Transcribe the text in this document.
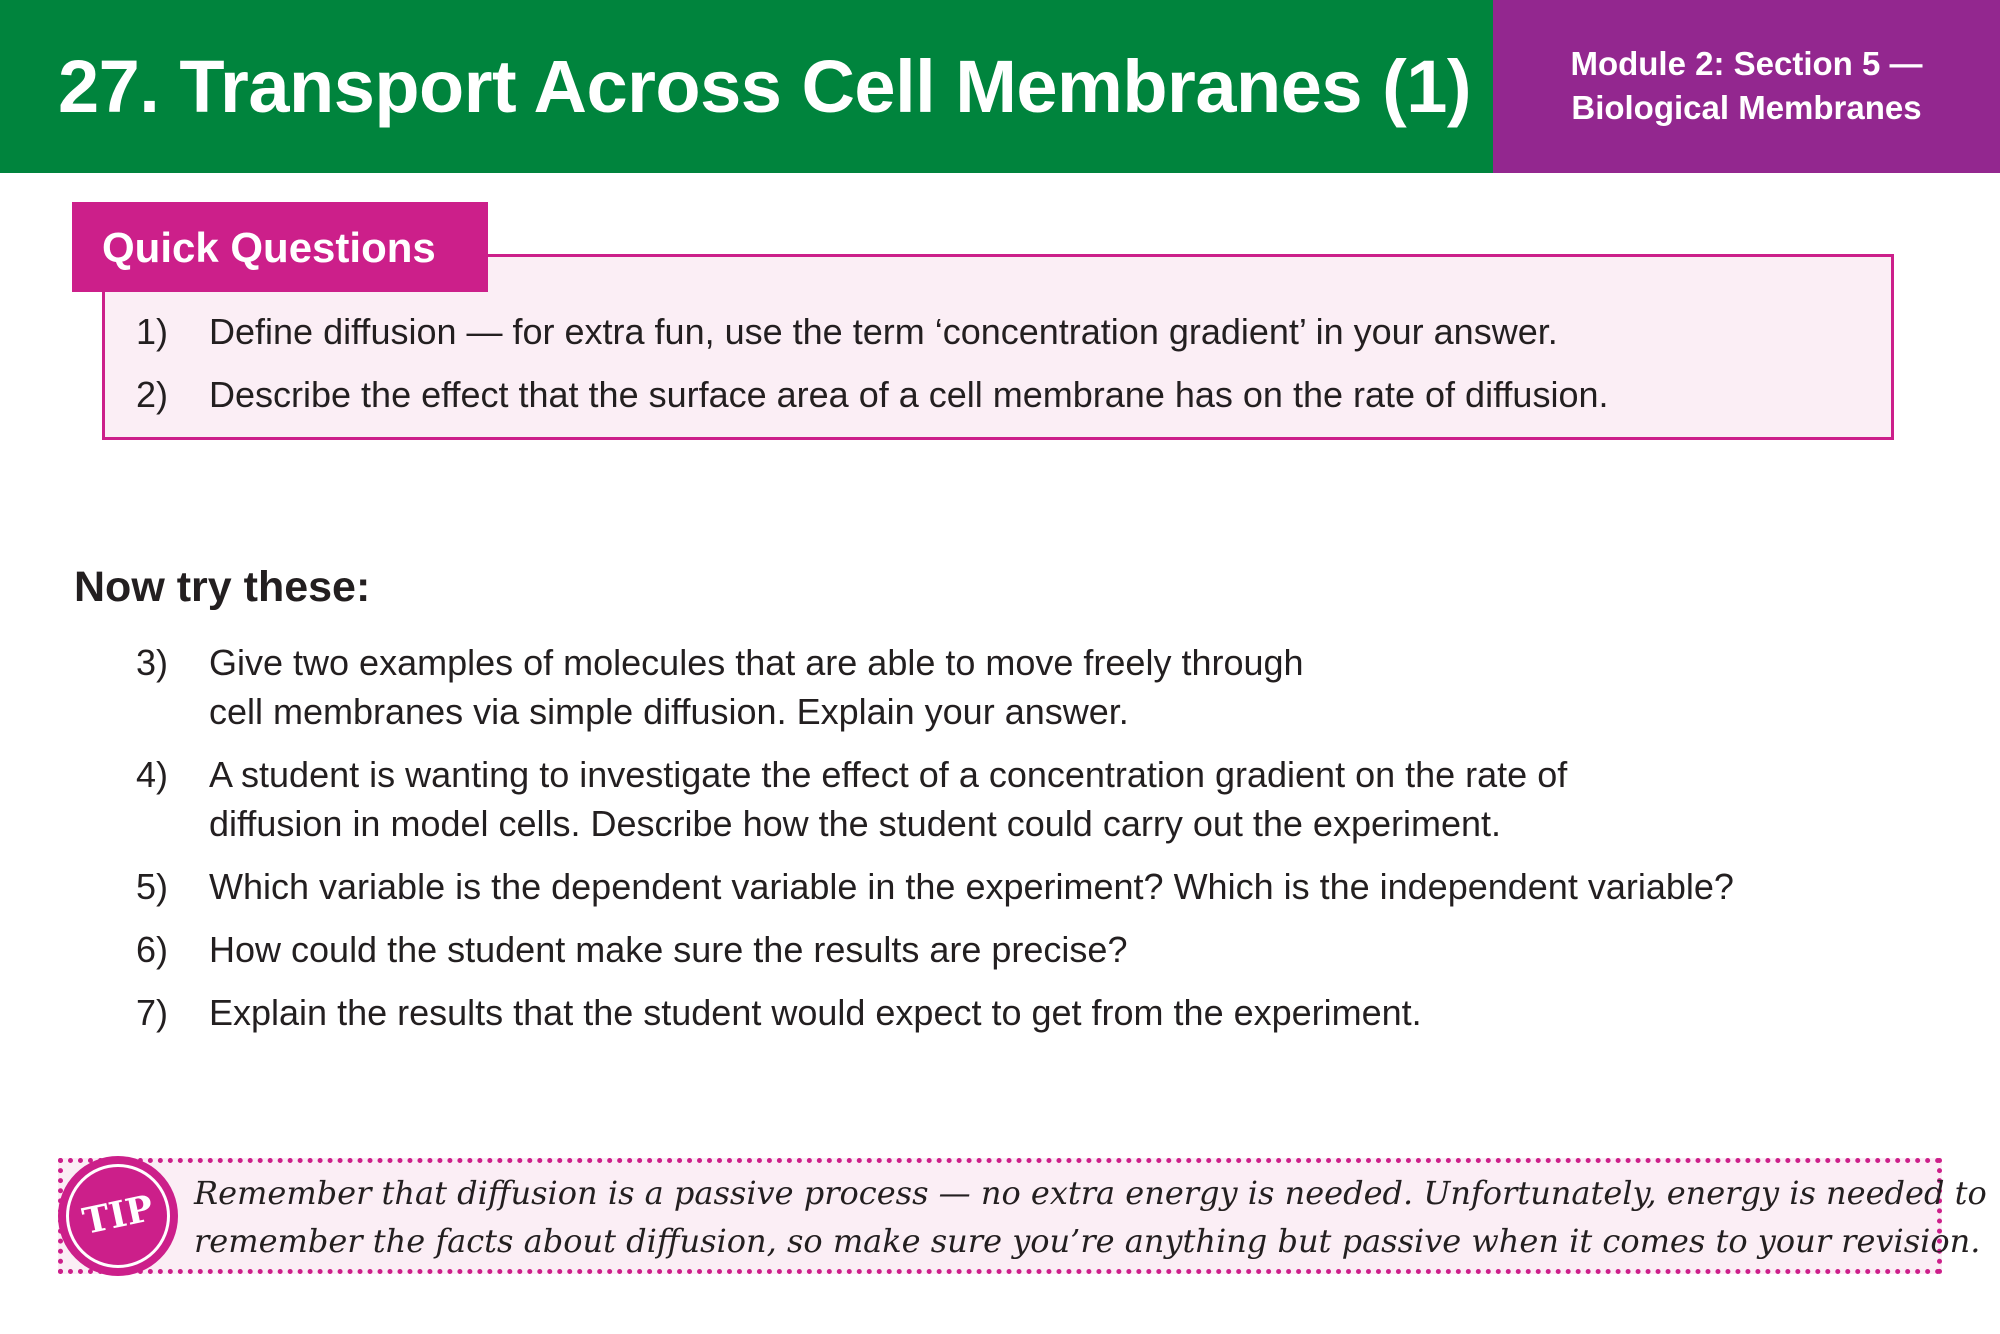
27. Transport Across Cell Membranes (1)	Module 2: Section 5 —
Biological Membranes
Quick Questions
1)	Define diffusion — for extra fun, use the term ‘concentration gradient’ in your answer.
2)	Describe the effect that the surface area of a cell membrane has on the rate of diffusion.
Now try these:
3)	Give two examples of molecules that are able to move freely through
cell membranes via simple diffusion. Explain your answer.
4)	A student is wanting to investigate the effect of a concentration gradient on the rate of
diffusion in model cells. Describe how the student could carry out the experiment.
5)	Which variable is the dependent variable in the experiment? Which is the independent variable?
6)	How could the student make sure the results are precise?
7)	Explain the results that the student would expect to get from the experiment.
TIP	Remember that diffusion is a passive process — no extra energy is needed. Unfortunately, energy is needed to
remember the facts about diffusion, so make sure you’re anything but passive when it comes to your revision.
